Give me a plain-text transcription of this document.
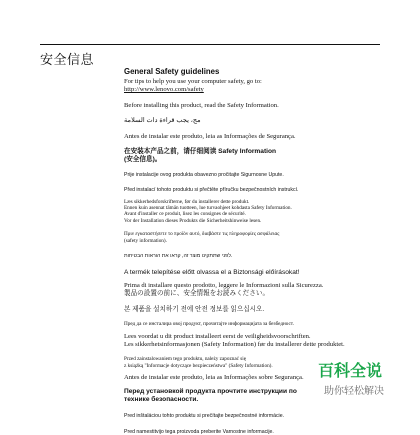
安全信息
General Safety guidelines
For tips to help you use your computer safety, go to:
http://www.lenovo.com/safety
Before installing this product, read the Safety Information.
مج، يجب قراءة دات السلامة
Antes de instalar este produto, leia as Informações de Segurança.
在安装本产品之前，请仔细阅读 Safety Information
(安全信息)。
Prije instalacije ovog produkta obavezno pročitajte Sigurnosne Upute.
Před instalací tohoto produktu si přečtěte příručku bezpečnostních instrukcí.
Læs sikkerhedsforskrifterne, før du installerer dette produkt.
Ennen kuin asennat tämän tuotteen, lue turvaohjeet kohdasta Safety Information.
Avant d'installer ce produit, lisez les consignes de sécurité.
Vor der Installation dieses Produkts die Sicherheitshinweise lesen.
Πριν εγκαταστήσετε το προϊόν αυτό, διαβάστε τις πληροφορίες ασφάλειας
(safety information).
לפני שתתקינו מוצר זה, קראו את הוראות הבטיחות.
A termék telepítése előtt olvassa el a Biztonsági előírásokat!
Prima di installare questo prodotto, leggere le Informazioni sulla Sicurezza.
製品の設置の前に、安全情報をお読みください。
본 제품을 설치하기 전에 안전 정보를 읽으십시오.
Пред да се инсталира овој продукт, прочитајте информацијата за безбедност.
Lees voordat u dit product installeert eerst de veiligheidsvoorschriften.
Les sikkerhetsinformasjonen (Safety Information) før du installerer dette produktet.
Przed zainstalowaniem tego produktu, należy zapoznać się
z książką "Informacje dotyczące bezpieczeństwa" (Safety Information).
Antes de instalar este produto, leia as Informações sobre Segurança.
Перед установкой продукта прочтите инструкции по
технике безопасности.
Pred inštaláciou tohto produktu si prečítajte bezpečnostné informácie.
Pred namestitvijo tega proizvoda preberite Varnostne informacije.
百科全说
助你轻松解决
